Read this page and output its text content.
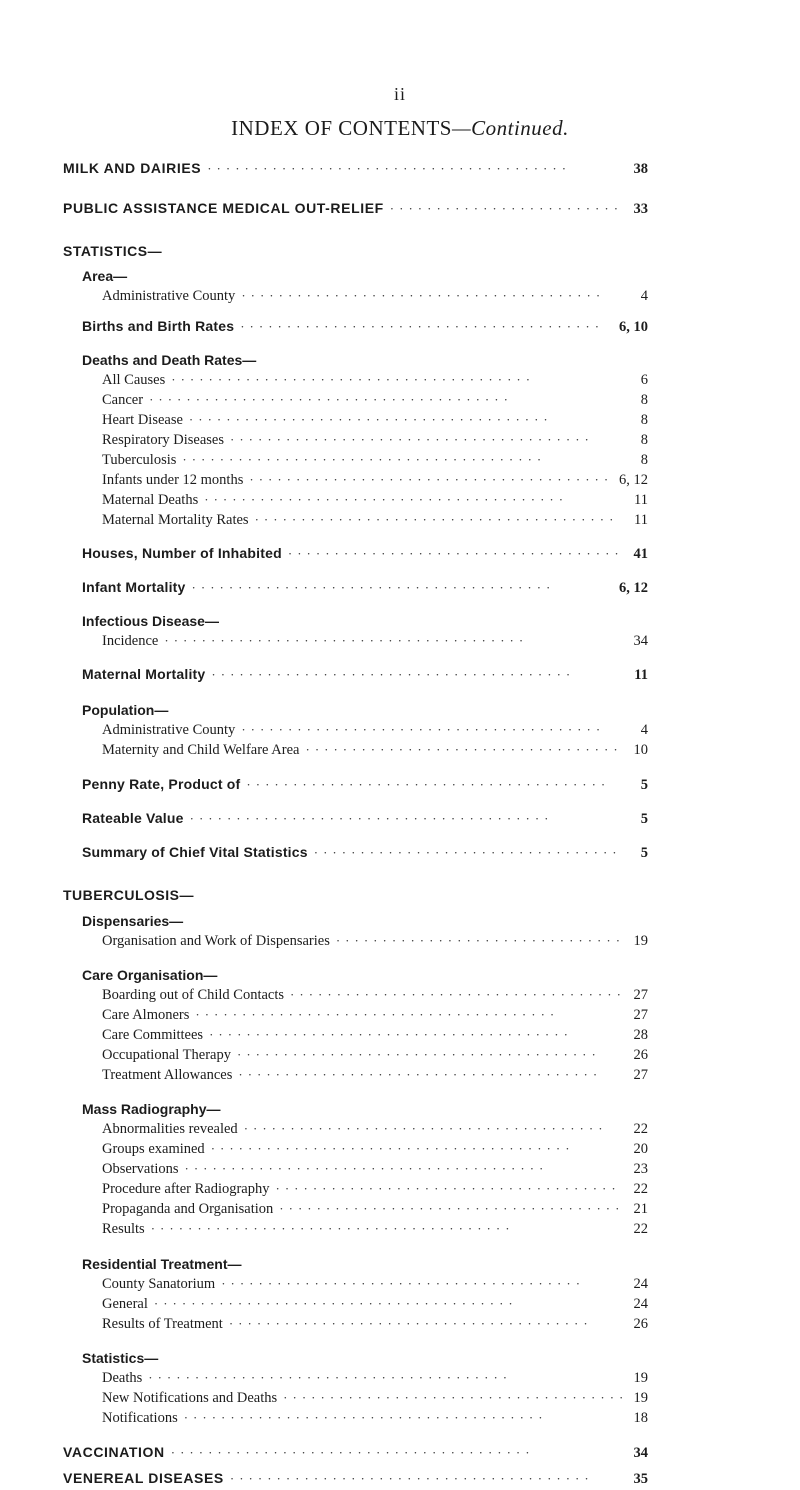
ii
INDEX OF CONTENTS—Continued.
MILK AND DAIRIES ·····	38
PUBLIC ASSISTANCE MEDICAL OUT-RELIEF ·····	33
STATISTICS—
Area—
Administrative County ·····	4
Births and Birth Rates ·····	6, 10
Deaths and Death Rates—
All Causes ·····	6
Cancer ·····	8
Heart Disease ·····	8
Respiratory Diseases ·····	8
Tuberculosis ·····	8
Infants under 12 months ·····	6, 12
Maternal Deaths ·····	11
Maternal Mortality Rates ·····	11
Houses, Number of Inhabited ·····	41
Infant Mortality ·····	6, 12
Infectious Disease—
Incidence ·····	34
Maternal Mortality ·····	11
Population—
Administrative County ·····	4
Maternity and Child Welfare Area ·····	10
Penny Rate, Product of ·····	5
Rateable Value ·····	5
Summary of Chief Vital Statistics ·····	5
TUBERCULOSIS—
Dispensaries—
Organisation and Work of Dispensaries ·····	19
Care Organisation—
Boarding out of Child Contacts ·····	27
Care Almoners ·····	27
Care Committees ·····	28
Occupational Therapy ·····	26
Treatment Allowances ·····	27
Mass Radiography—
Abnormalities revealed ·····	22
Groups examined ·····	20
Observations ·····	23
Procedure after Radiography ·····	22
Propaganda and Organisation ·····	21
Results ·····	22
Residential Treatment—
County Sanatorium ·····	24
General ·····	24
Results of Treatment ·····	26
Statistics—
Deaths ·····	19
New Notifications and Deaths ·····	19
Notifications ·····	18
VACCINATION ·····	34
VENEREAL DISEASES ·····	35
